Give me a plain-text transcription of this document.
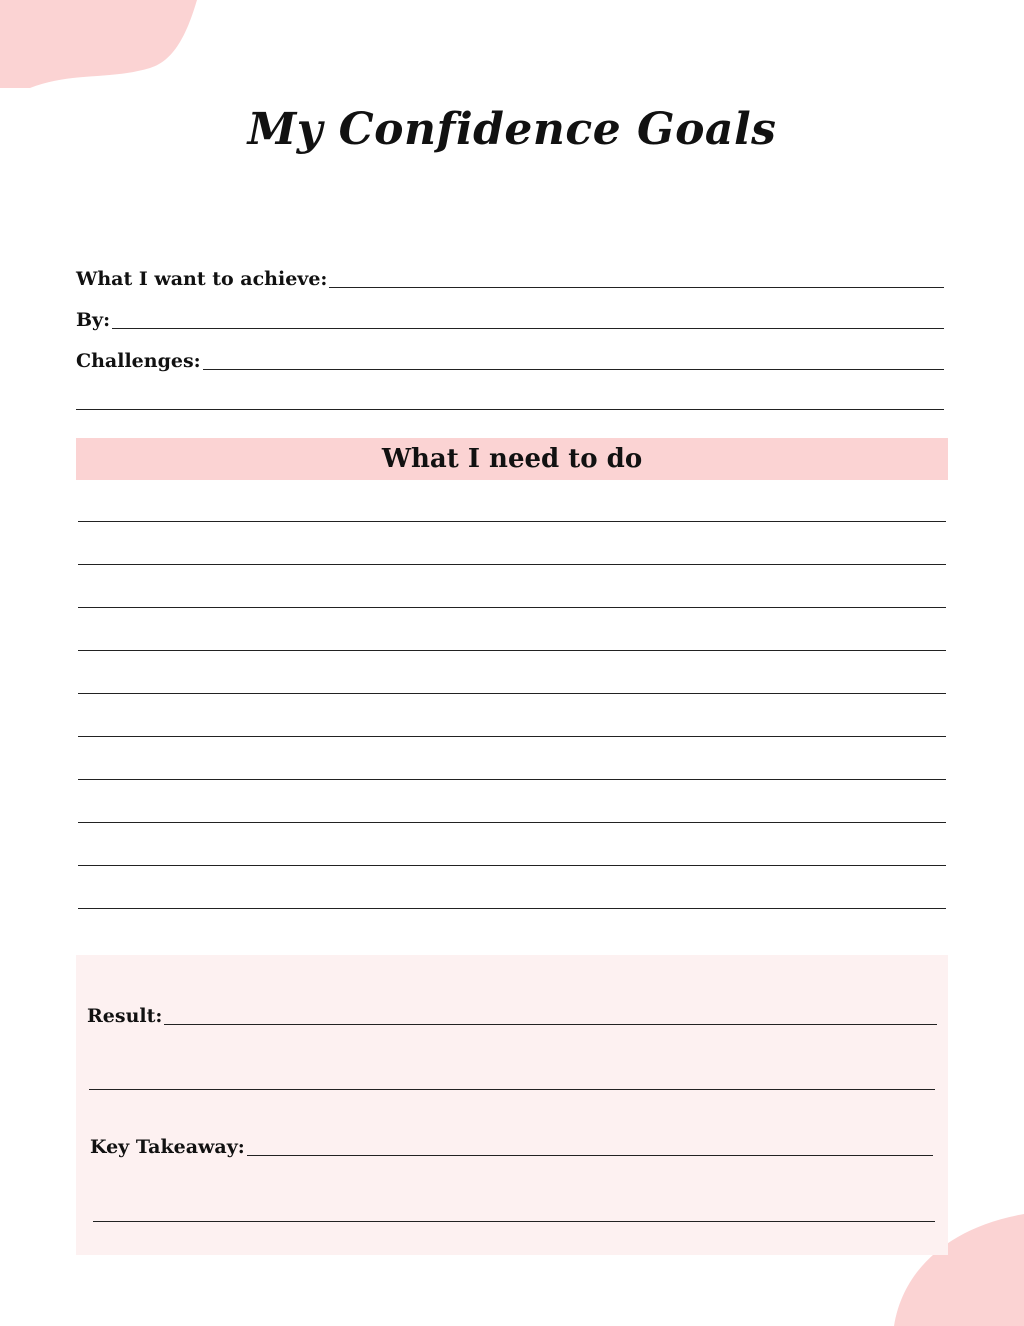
My Confidence Goals
What I want to achieve:
By:
Challenges:
What I need to do
Result:
Key Takeaway:
